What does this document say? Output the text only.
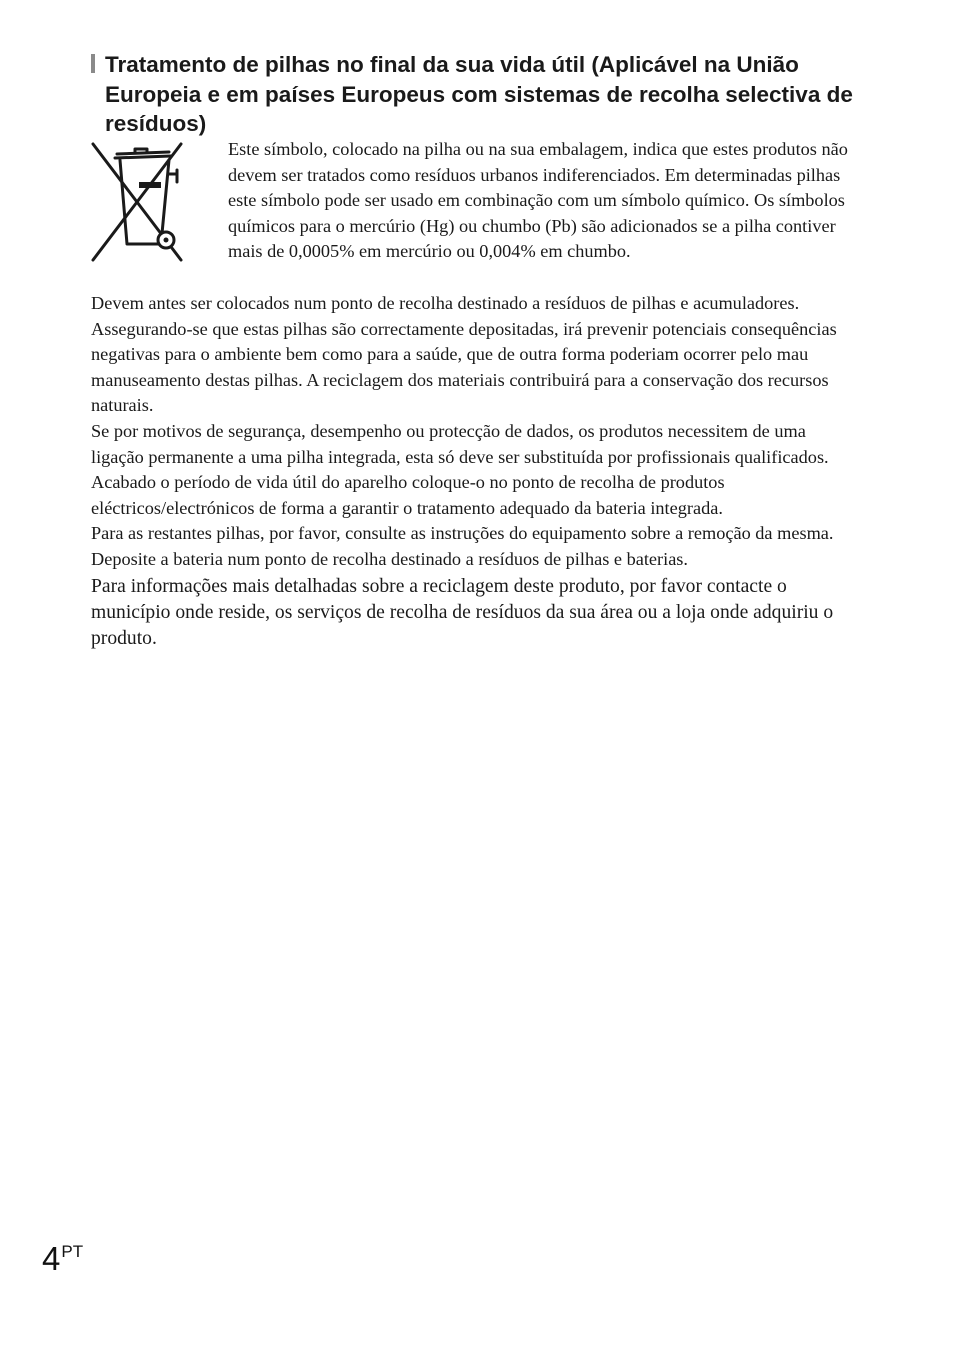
Tratamento de pilhas no final da sua vida útil (Aplicável na União Europeia e em países Europeus com sistemas de recolha selectiva de resíduos)
Este símbolo, colocado na pilha ou na sua embalagem, indica que estes produtos não devem ser tratados como resíduos urbanos indiferenciados. Em determinadas pilhas este símbolo pode ser usado em combinação com um símbolo químico. Os símbolos químicos para o mercúrio (Hg) ou chumbo (Pb) são adicionados se a pilha contiver mais de 0,0005% em mercúrio ou 0,004% em chumbo.

Devem antes ser colocados num ponto de recolha destinado a resíduos de pilhas e acumuladores.

Assegurando-se que estas pilhas são correctamente depositadas, irá prevenir potenciais consequências negativas para o ambiente bem como para a saúde, que de outra forma poderiam ocorrer pelo mau manuseamento destas pilhas. A reciclagem dos materiais contribuirá para a conservação dos recursos naturais.

Se por motivos de segurança, desempenho ou protecção de dados, os produtos necessitem de uma ligação permanente a uma pilha integrada, esta só deve ser substituída por profissionais qualificados. Acabado o período de vida útil do aparelho coloque-o no ponto de recolha de produtos eléctricos/electrónicos de forma a garantir o tratamento adequado da bateria integrada.

Para as restantes pilhas, por favor, consulte as instruções do equipamento sobre a remoção da mesma.

Deposite a bateria num ponto de recolha destinado a resíduos de pilhas e baterias.

Para informações mais detalhadas sobre a reciclagem deste produto, por favor contacte o município onde reside, os serviços de recolha de resíduos da sua área ou a loja onde adquiriu o produto.

4PT
